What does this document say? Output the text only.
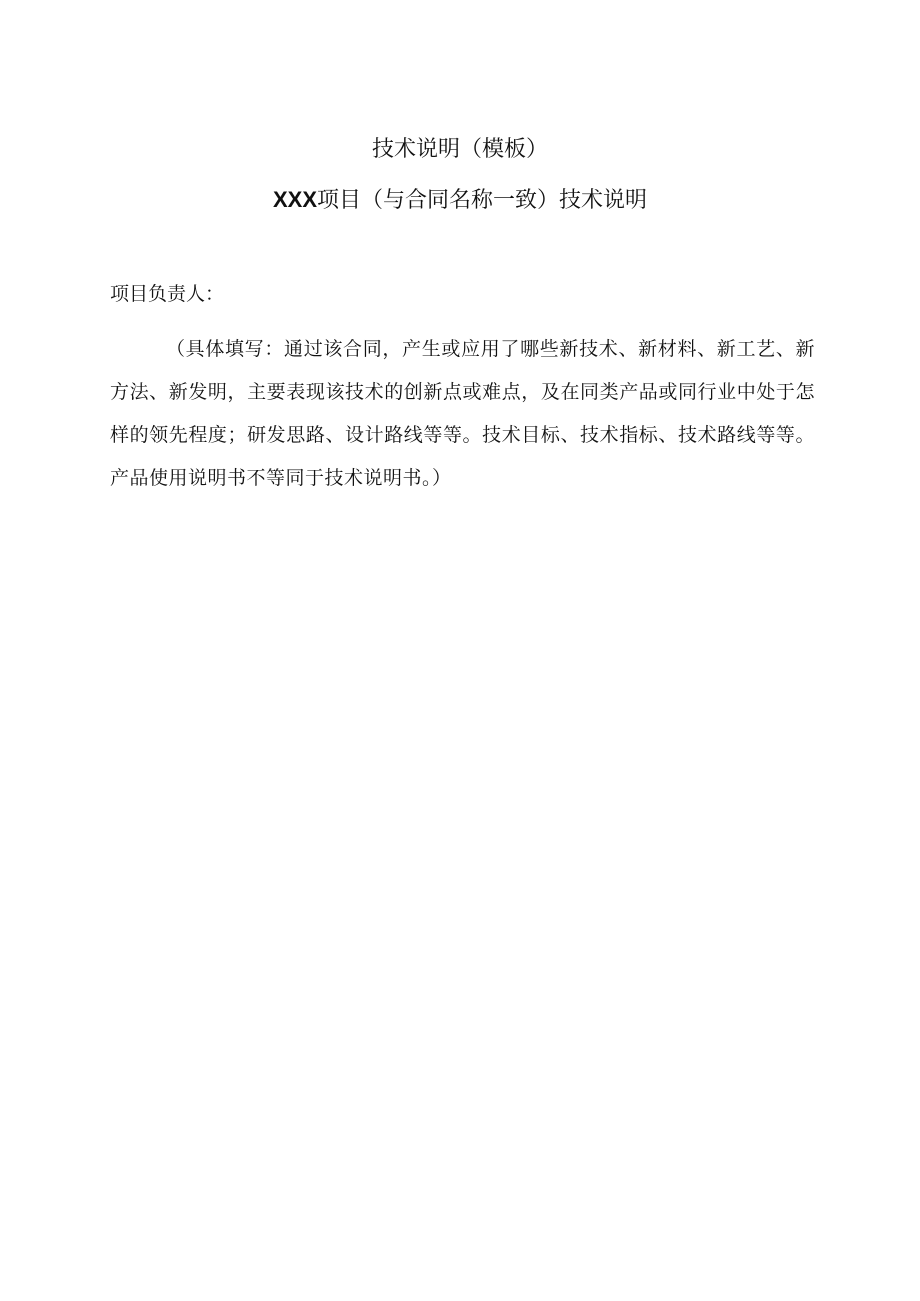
技术说明（模板）
XXX项目（与合同名称一致）技术说明
项目负责人：
（具体填写：通过该合同，产生或应用了哪些新技术、新材料、新工艺、新方法、新发明，主要表现该技术的创新点或难点，及在同类产品或同行业中处于怎样的领先程度；研发思路、设计路线等等。技术目标、技术指标、技术路线等等。产品使用说明书不等同于技术说明书。）
